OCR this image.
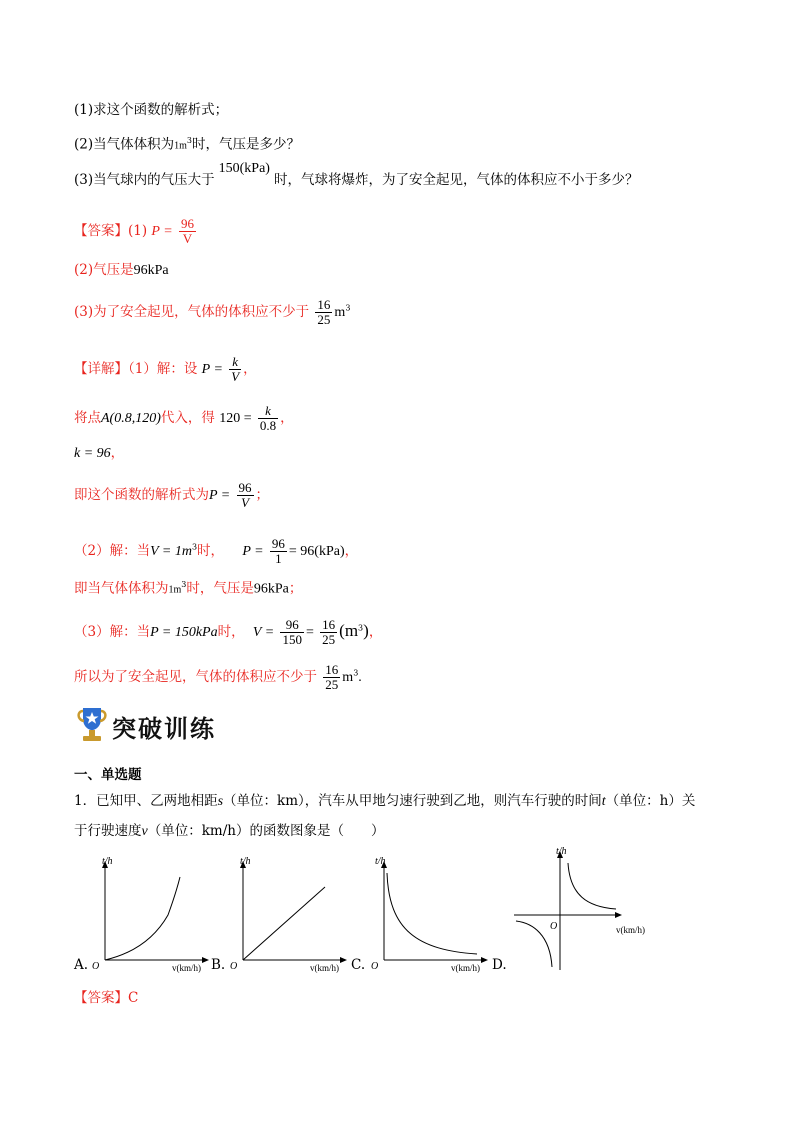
(1)求这个函数的解析式；
(2)当气体体积为$1m^3$时，气压是多少？
(3)当气球内的气压大于150(kPa)时，气球将爆炸，为了安全起见，气体的体积应不小于多少？
【答案】(1) $P = \frac{96}{V}$
(2)气压是96kPa
(3)为了安全起见，气体的体积应不少于 $\frac{16}{25} m^3$
【详解】（1）解：设 $P = \frac{k}{V}$ ，
将点A(0.8,120)代入，得 $120 = \frac{k}{0.8}$ ，
k = 96，
即这个函数的解析式为$P = \frac{96}{V}$ ；
（2）解：当$V = 1m^3$时， $P = \frac{96}{1} = 96(kPa)$，
即当气体体积为$1m^3$时，气压是96kPa；
（3）解：当P = 150kPa时， $V = \frac{96}{150} = \frac{16}{25} (m^3)$，
所以为了安全起见，气体的体积应不少于 $\frac{16}{25} m^3$.
突破训练
一、单选题
1．已知甲、乙两地相距s（单位：km），汽车从甲地匀速行驶到乙地，则汽车行驶的时间t（单位：h）关
于行驶速度v（单位：km/h）的函数图象是（　　）
t/h
O	v(km/h)
A.
t/h
O	v(km/h)
B.
t/h
O	v(km/h)
C.
t/h
O	v(km/h)
D.
【答案】C
